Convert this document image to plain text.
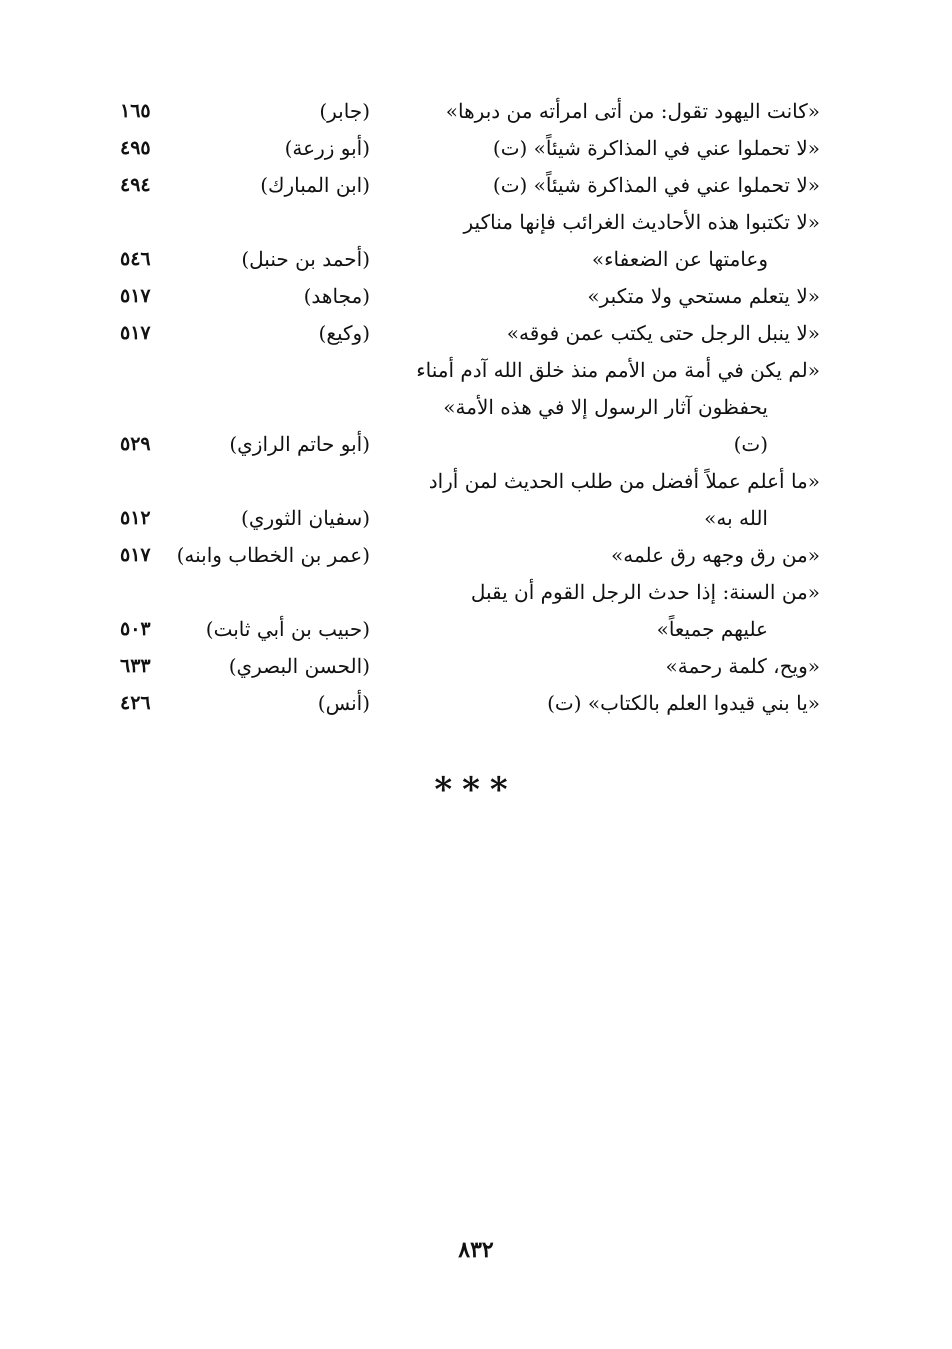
«كانت اليهود تقول: من أتى امرأته من دبرها»
(جابر)
١٦٥
«لا تحملوا عني في المذاكرة شيئاً» (ت)
(أبو زرعة)
٤٩٥
«لا تحملوا عني في المذاكرة شيئاً» (ت)
(ابن المبارك)
٤٩٤
«لا تكتبوا هذه الأحاديث الغرائب فإنها مناكير
وعامتها عن الضعفاء»
(أحمد بن حنبل)
٥٤٦
«لا يتعلم مستحي ولا متكبر»
(مجاهد)
٥١٧
«لا ينبل الرجل حتى يكتب عمن فوقه»
(وكيع)
٥١٧
«لم يكن في أمة من الأمم منذ خلق الله آدم أمناء
يحفظون آثار الرسول إلا في هذه الأمة»
(ت)
(أبو حاتم الرازي)
٥٢٩
«ما أعلم عملاً أفضل من طلب الحديث لمن أراد
الله به»
(سفيان الثوري)
٥١٢
«من رق وجهه رق علمه»
(عمر بن الخطاب وابنه)
٥١٧
«من السنة: إذا حدث الرجل القوم أن يقبل
عليهم جميعاً»
(حبيب بن أبي ثابت)
٥٠٣
«ويح، كلمة رحمة»
(الحسن البصري)
٦٣٣
«يا بني قيدوا العلم بالكتاب» (ت)
(أنس)
٤٢٦
***
٨٣٢
